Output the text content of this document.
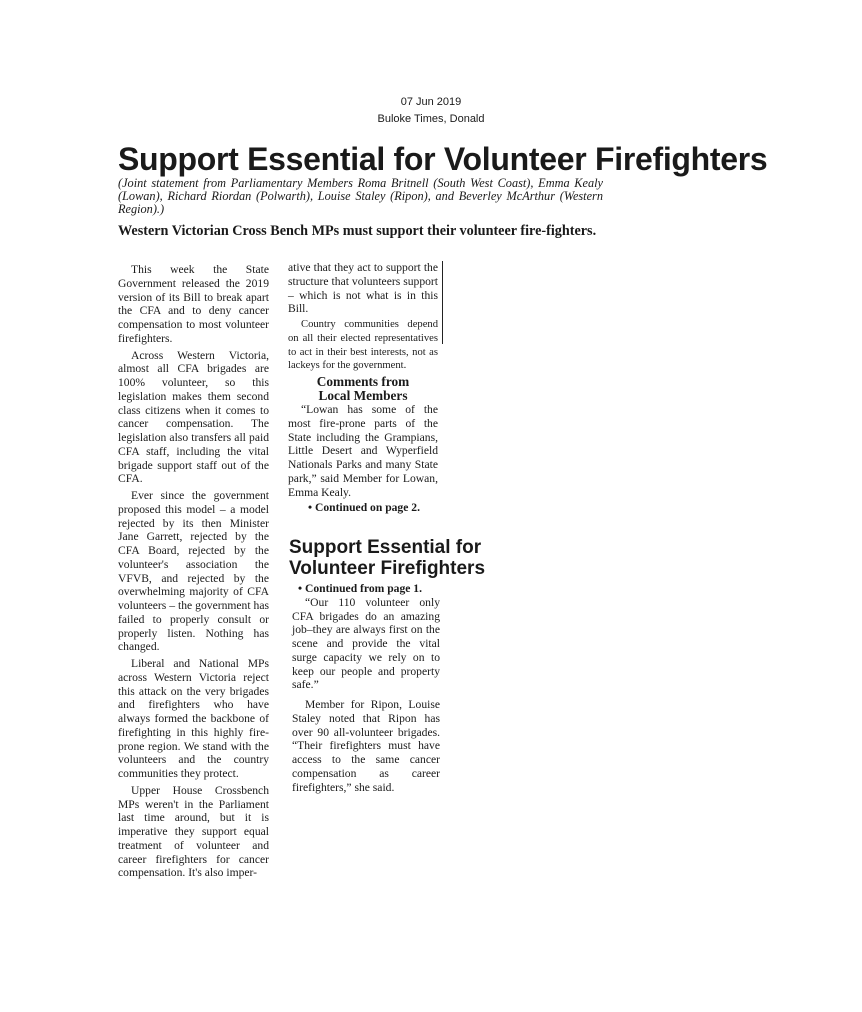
07 Jun 2019
Buloke Times, Donald
Support Essential for Volunteer Firefighters
(Joint statement from Parliamentary Members Roma Britnell (South West Coast), Emma Kealy (Lowan), Richard Riordan (Polwarth), Louise Staley (Ripon), and Beverley McArthur (Western Region).)
Western Victorian Cross Bench MPs must support their volunteer fire-fighters.

This week the State Government released the 2019 version of its Bill to break apart the CFA and to deny cancer compensation to most volunteer firefighters.

Across Western Victoria, almost all CFA brigades are 100% volunteer, so this legislation makes them second class citizens when it comes to cancer compensation. The legislation also transfers all paid CFA staff, including the vital brigade support staff out of the CFA.

Ever since the government proposed this model – a model rejected by its then Minister Jane Garrett, rejected by the CFA Board, rejected by the volunteer's association the VFVB, and rejected by the overwhelming majority of CFA volunteers – the government has failed to properly consult or properly listen. Nothing has changed.

Liberal and National MPs across Western Victoria reject this attack on the very brigades and firefighters who have always formed the backbone of firefighting in this highly fire-prone region. We stand with the volunteers and the country communities they protect.

Upper House Crossbench MPs weren't in the Parliament last time around, but it is imperative they support equal treatment of volunteer and career firefighters for cancer compensation. It's also imper-

ative that they act to support the structure that volunteers support – which is not what is in this Bill.

Country communities depend on all their elected representatives to act in their best interests, not as lackeys for the government.

Comments from
Local Members

“Lowan has some of the most fire-prone parts of the State including the Grampians, Little Desert and Wyperfield Nationals Parks and many State park,” said Member for Lowan, Emma Kealy.

• Continued on page 2.

Support Essential for Volunteer Firefighters

• Continued from page 1.

“Our 110 volunteer only CFA brigades do an amazing job–they are always first on the scene and provide the vital surge capacity we rely on to keep our people and property safe.”

Member for Ripon, Louise Staley noted that Ripon has over 90 all-volunteer brigades. “Their firefighters must have access to the same cancer compensation as career firefighters,” she said.
